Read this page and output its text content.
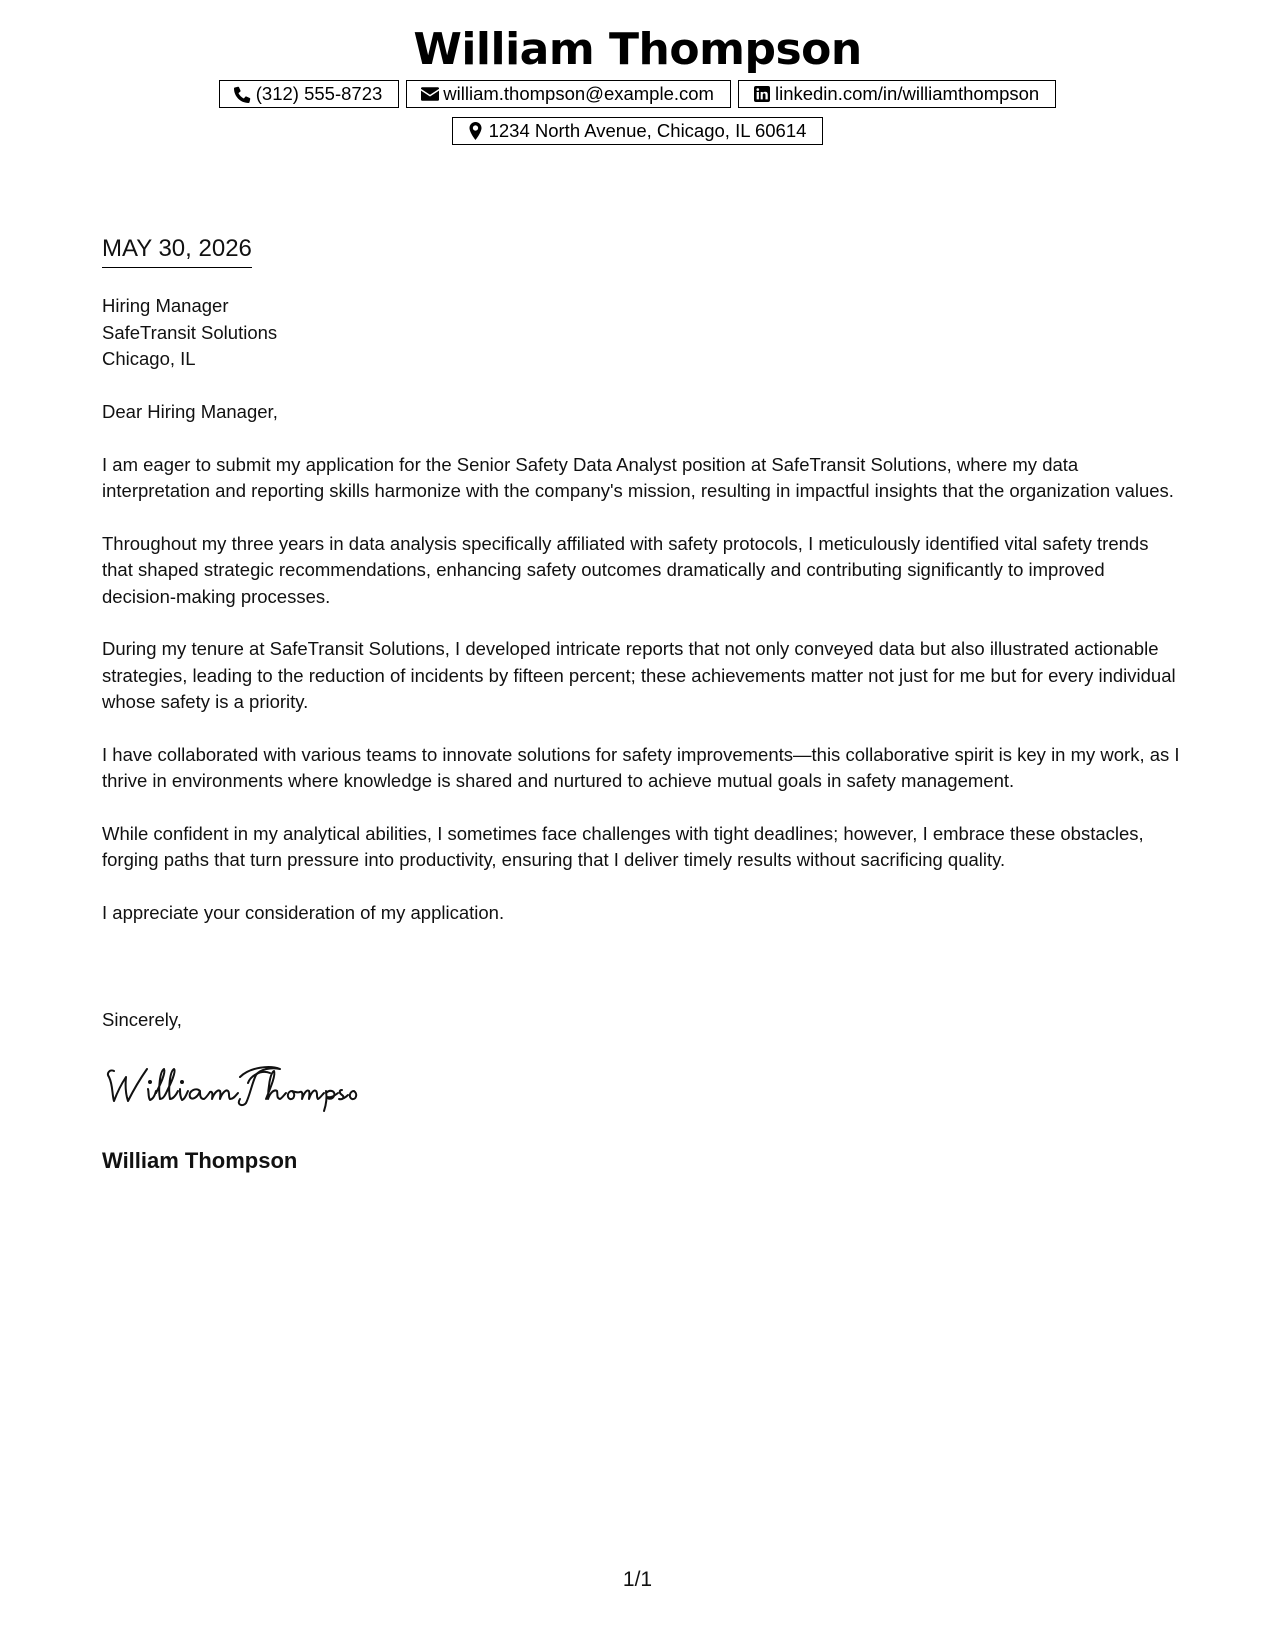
William Thompson
(312) 555-8723	william.thompson@example.com	linkedin.com/in/williamthompson
1234 North Avenue, Chicago, IL 60614
MAY 30, 2026
Hiring Manager
SafeTransit Solutions
Chicago, IL

Dear Hiring Manager,

I am eager to submit my application for the Senior Safety Data Analyst position at SafeTransit Solutions, where my data interpretation and reporting skills harmonize with the company's mission, resulting in impactful insights that the organization values.

Throughout my three years in data analysis specifically affiliated with safety protocols, I meticulously identified vital safety trends that shaped strategic recommendations, enhancing safety outcomes dramatically and contributing significantly to improved decision-making processes.

During my tenure at SafeTransit Solutions, I developed intricate reports that not only conveyed data but also illustrated actionable strategies, leading to the reduction of incidents by fifteen percent; these achievements matter not just for me but for every individual whose safety is a priority.

I have collaborated with various teams to innovate solutions for safety improvements—this collaborative spirit is key in my work, as I thrive in environments where knowledge is shared and nurtured to achieve mutual goals in safety management.

While confident in my analytical abilities, I sometimes face challenges with tight deadlines; however, I embrace these obstacles, forging paths that turn pressure into productivity, ensuring that I deliver timely results without sacrificing quality.

I appreciate your consideration of my application.

Sincerely,
William Thompson
1/1
